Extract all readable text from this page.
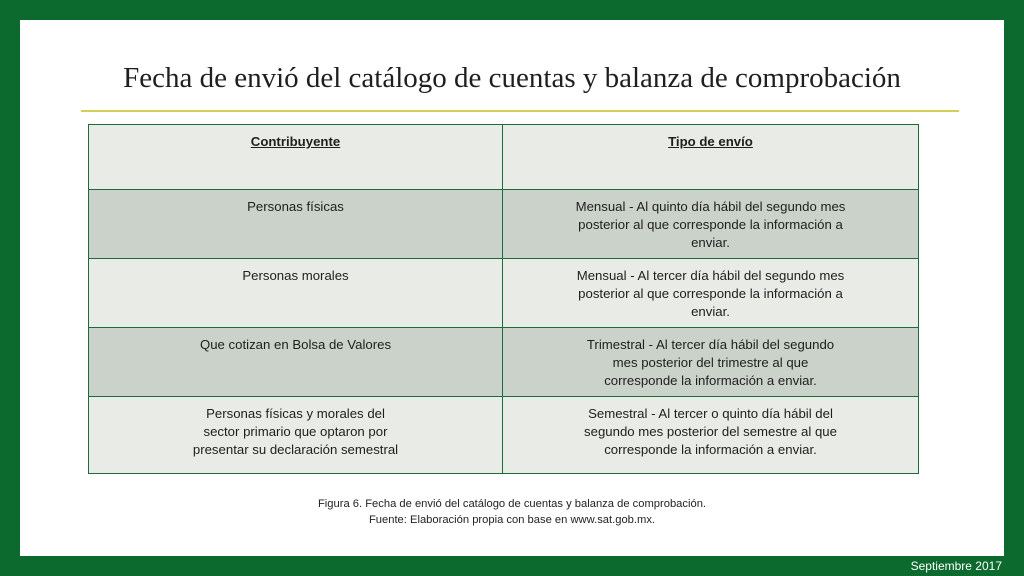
Fecha de envió del catálogo de cuentas y balanza de comprobación
Contribuyente	Tipo de envío

Personas físicas	Mensual - Al quinto día hábil del segundo mes posterior al que corresponde la información a enviar.

Personas morales	Mensual - Al tercer día hábil del segundo mes posterior al que corresponde la información a enviar.

Que cotizan en Bolsa de Valores	Trimestral - Al tercer día hábil del segundo mes posterior del trimestre al que corresponde la información a enviar.

Personas físicas y morales del sector primario que optaron por presentar su declaración semestral	Semestral - Al tercer o quinto día hábil del segundo mes posterior del semestre al que corresponde la información a enviar.
Figura 6. Fecha de envió del catálogo de cuentas y balanza de comprobación.
Fuente: Elaboración propia con base en www.sat.gob.mx.
Septiembre 2017
